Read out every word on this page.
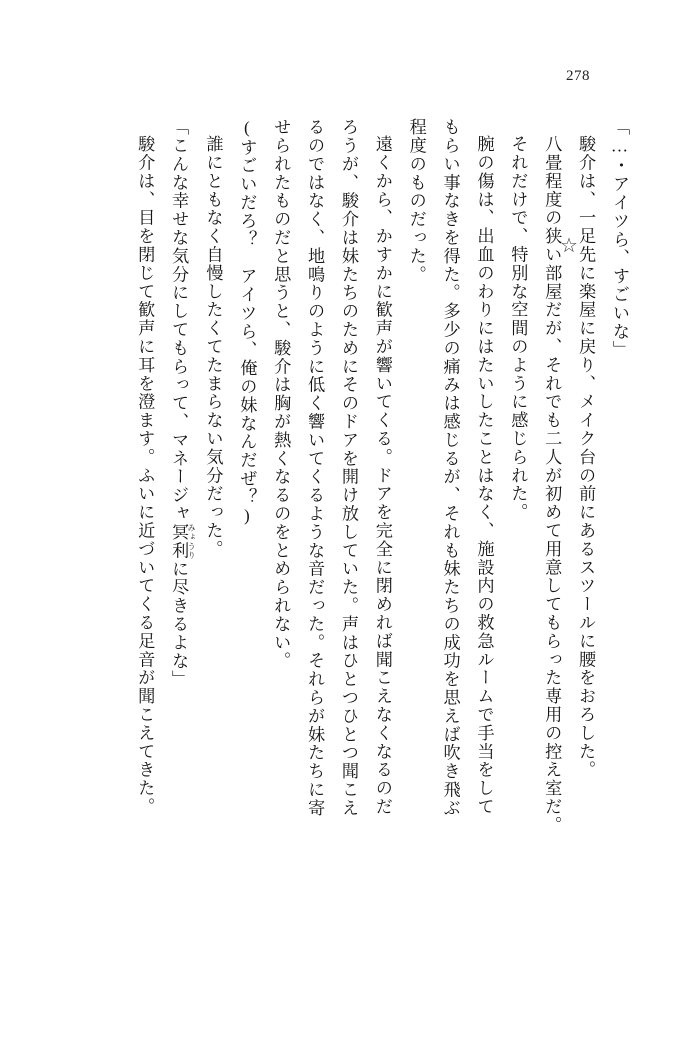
278
☆	「…・アイツら、すごいな」

駿介は、一足先に楽屋に戻り、メイク台の前にあるスツールに腰をおろした。

八畳程度の狭い部屋だが、それでも二人が初めて用意してもらった専用の控え室だ。

それだけで、特別な空間のように感じられた。

腕の傷は、出血のわりにはたいしたことはなく、施設内の救急ルームで手当をして

もらい事なきを得た。多少の痛みは感じるが、それも妹たちの成功を思えば吹き飛ぶ

程度のものだった。

遠くから、かすかに歓声が響いてくる。ドアを完全に閉めれば聞こえなくなるのだ

ろうが、駿介は妹たちのためにそのドアを開け放していた。声はひとつひとつ聞こえ

るのではなく、地鳴りのように低く響いてくるような音だった。それらが妹たちに寄

せられたものだと思うと、駿介は胸が熱くなるのをとめられない。

(すごいだろ？　アイツら、俺の妹なんだぜ？)

誰にともなく自慢したくてたまらない気分だった。

「こんな幸せな気分にしてもらって、マネージャ冥利 みょうりに尽きるよな」

駿介は、目を閉じて歓声に耳を澄ます。ふいに近づいてくる足音が聞こえてきた。
